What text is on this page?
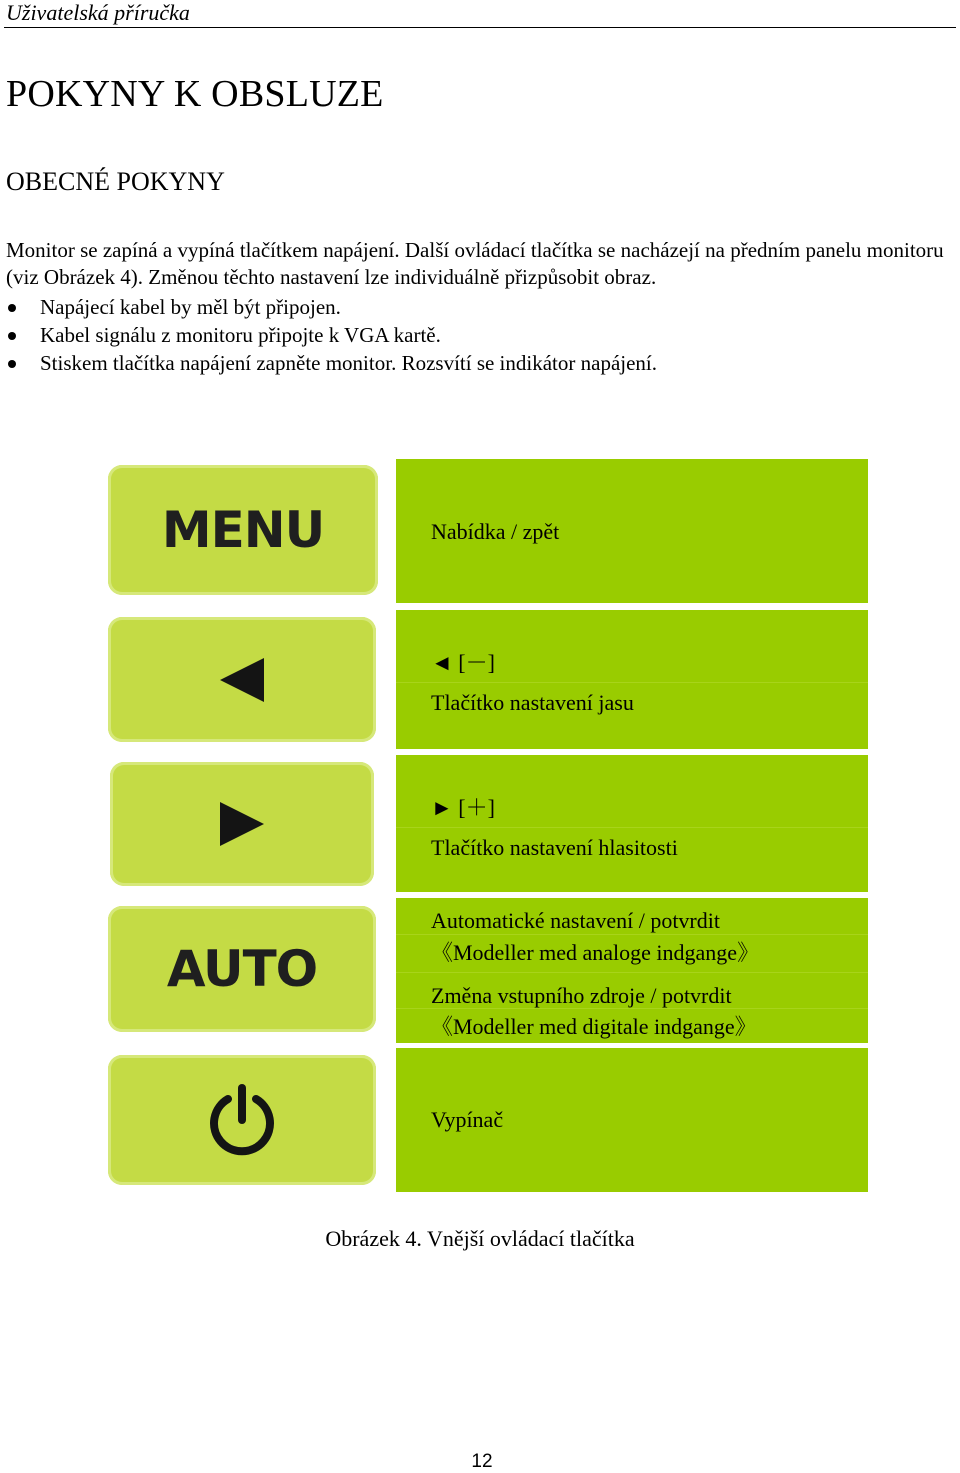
Uživatelská příručka
POKYNY K OBSLUZE
OBECNÉ POKYNY

Monitor se zapíná a vypíná tlačítkem napájení. Další ovládací tlačítka se nacházejí na předním panelu monitoru (viz Obrázek 4). Změnou těchto nastavení lze individuálně přizpůsobit obraz.

Napájecí kabel by měl být připojen.
Kabel signálu z monitoru připojte k VGA kartě.
Stiskem tlačítka napájení zapněte monitor. Rozsvítí se indikátor napájení.
MENU
AUTO
Nabídka / zpět
◄ [－]
Tlačítko nastavení jasu
► [＋]
Tlačítko nastavení hlasitosti
Automatické nastavení / potvrdit
《Modeller med analoge indgange》
Změna vstupního zdroje / potvrdit
《Modeller med digitale indgange》
Vypínač
Obrázek 4. Vnější ovládací tlačítka
12
